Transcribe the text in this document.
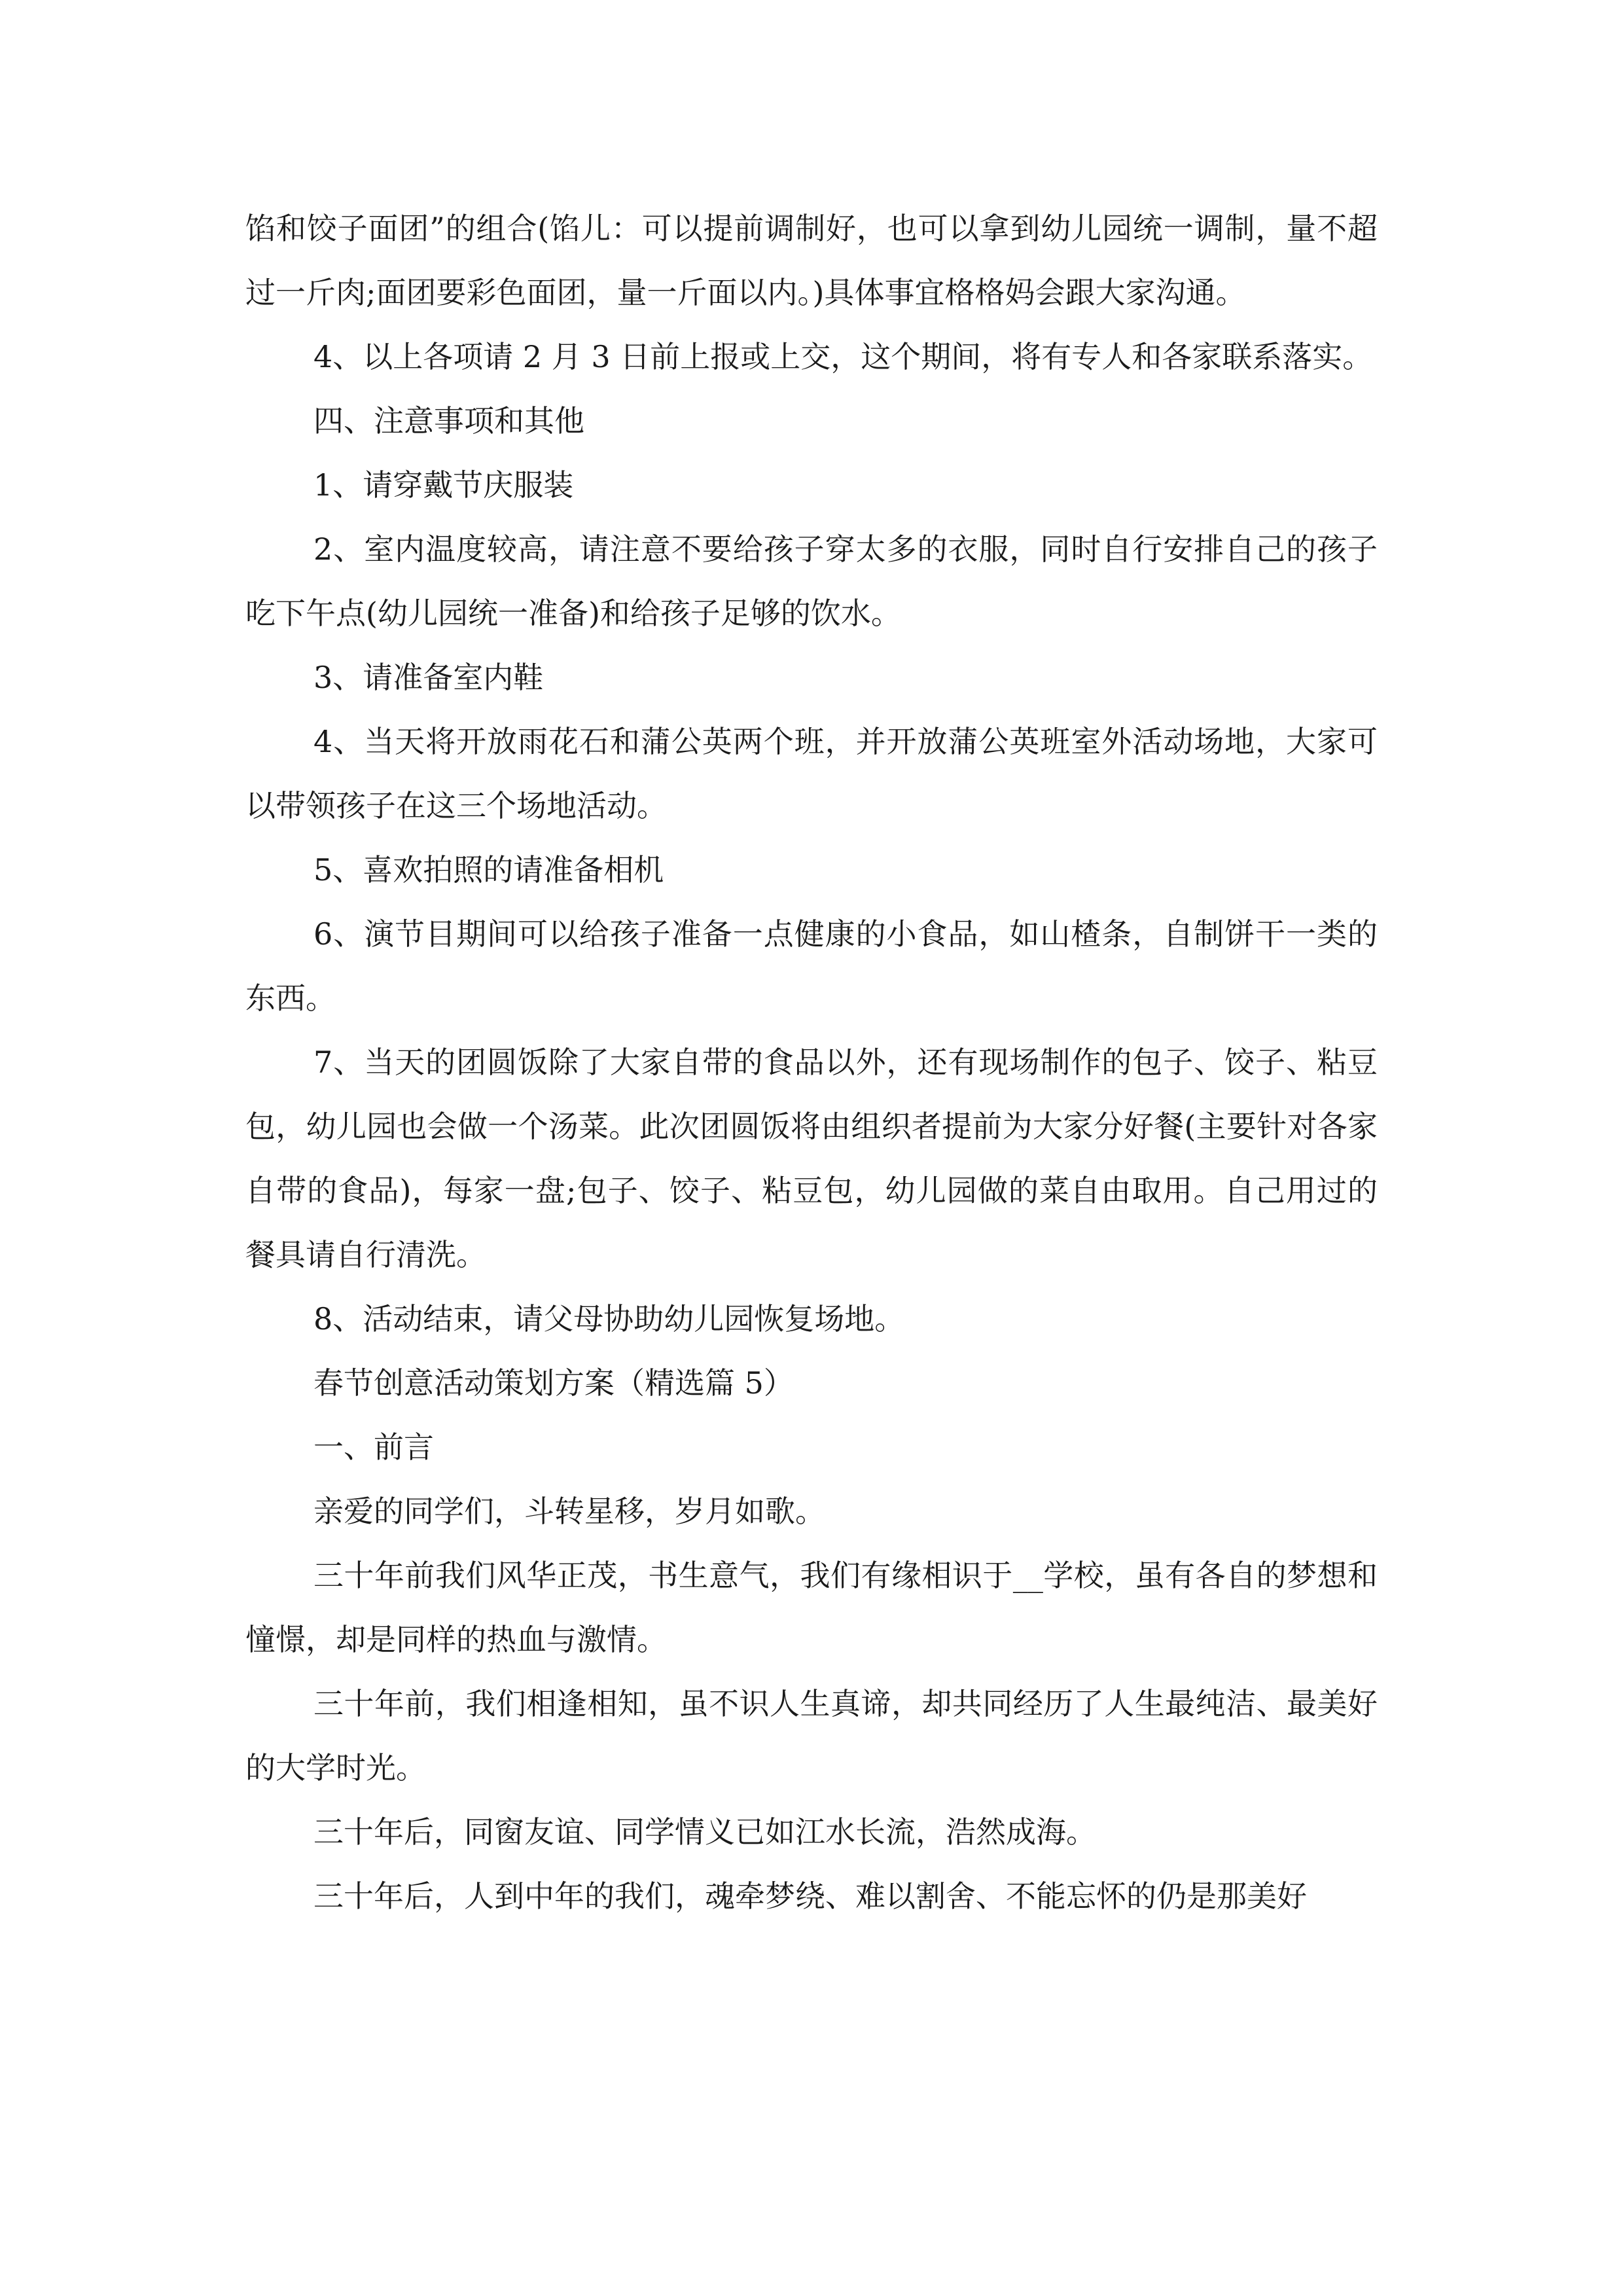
馅和饺子面团”的组合(馅儿：可以提前调制好，也可以拿到幼儿园统一调制，量不超过一斤肉;面团要彩色面团，量一斤面以内。)具体事宜格格妈会跟大家沟通。

4、以上各项请 2 月 3 日前上报或上交，这个期间，将有专人和各家联系落实。

四、注意事项和其他

1、请穿戴节庆服装

2、室内温度较高，请注意不要给孩子穿太多的衣服，同时自行安排自己的孩子吃下午点(幼儿园统一准备)和给孩子足够的饮水。

3、请准备室内鞋

4、当天将开放雨花石和蒲公英两个班，并开放蒲公英班室外活动场地，大家可以带领孩子在这三个场地活动。

5、喜欢拍照的请准备相机

6、演节目期间可以给孩子准备一点健康的小食品，如山楂条，自制饼干一类的东西。

7、当天的团圆饭除了大家自带的食品以外，还有现场制作的包子、饺子、粘豆包，幼儿园也会做一个汤菜。此次团圆饭将由组织者提前为大家分好餐(主要针对各家自带的食品)，每家一盘;包子、饺子、粘豆包，幼儿园做的菜自由取用。自己用过的餐具请自行清洗。

8、活动结束，请父母协助幼儿园恢复场地。

春节创意活动策划方案（精选篇 5）

一、前言

亲爱的同学们，斗转星移，岁月如歌。

三十年前我们风华正茂，书生意气，我们有缘相识于__学校，虽有各自的梦想和憧憬，却是同样的热血与激情。

三十年前，我们相逢相知，虽不识人生真谛，却共同经历了人生最纯洁、最美好的大学时光。

三十年后，同窗友谊、同学情义已如江水长流，浩然成海。

三十年后，人到中年的我们，魂牵梦绕、难以割舍、不能忘怀的仍是那美好
